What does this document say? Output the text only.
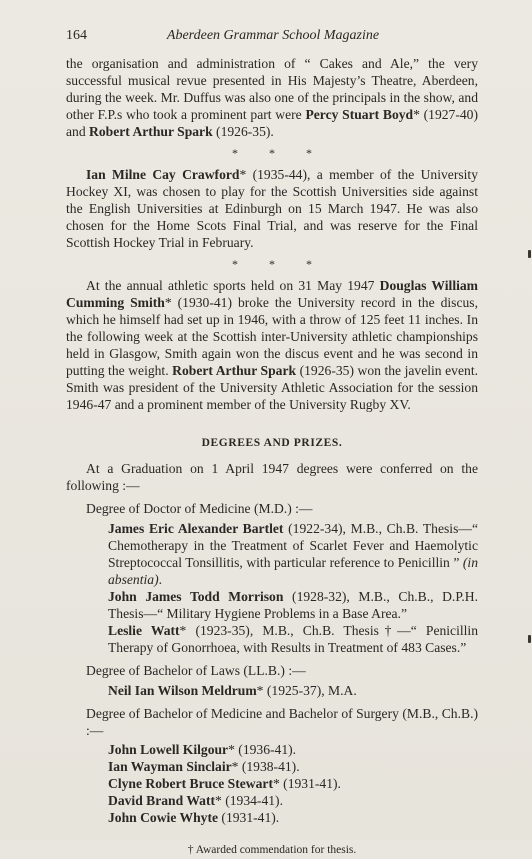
164	Aberdeen Grammar School Magazine

the organisation and administration of “ Cakes and Ale,” the very successful musical revue presented in His Majesty’s Theatre, Aberdeen, during the week. Mr. Duffus was also one of the principals in the show, and other F.P.s who took a prominent part were Percy Stuart Boyd* (1927-40) and Robert Arthur Spark (1926-35).

* * *

Ian Milne Cay Crawford* (1935-44), a member of the University Hockey XI, was chosen to play for the Scottish Universities side against the English Universities at Edinburgh on 15 March 1947. He was also chosen for the Home Scots Final Trial, and was reserve for the Final Scottish Hockey Trial in February.

* * *

At the annual athletic sports held on 31 May 1947 Douglas William Cumming Smith* (1930-41) broke the University record in the discus, which he himself had set up in 1946, with a throw of 125 feet 11 inches. In the following week at the Scottish inter-University athletic championships held in Glasgow, Smith again won the discus event and he was second in putting the weight. Robert Arthur Spark (1926-35) won the javelin event. Smith was president of the University Athletic Association for the session 1946-47 and a prominent member of the University Rugby XV.

DEGREES AND PRIZES.

At a Graduation on 1 April 1947 degrees were conferred on the following :—

Degree of Doctor of Medicine (M.D.) :—

James Eric Alexander Bartlet (1922-34), M.B., Ch.B. Thesis—“ Chemotherapy in the Treatment of Scarlet Fever and Haemolytic Streptococcal Tonsillitis, with particular reference to Penicillin ” (in absentia).

John James Todd Morrison (1928-32), M.B., Ch.B., D.P.H. Thesis—“ Military Hygiene Problems in a Base Area.”

Leslie Watt* (1923-35), M.B., Ch.B. Thesis†—“ Penicillin Therapy of Gonorrhoea, with Results in Treatment of 483 Cases.”

Degree of Bachelor of Laws (LL.B.) :—

Neil Ian Wilson Meldrum* (1925-37), M.A.

Degree of Bachelor of Medicine and Bachelor of Surgery (M.B., Ch.B.) :—

John Lowell Kilgour* (1936-41).
Ian Wayman Sinclair* (1938-41).
Clyne Robert Bruce Stewart* (1931-41).
David Brand Watt* (1934-41).
John Cowie Whyte (1931-41).

† Awarded commendation for thesis.
